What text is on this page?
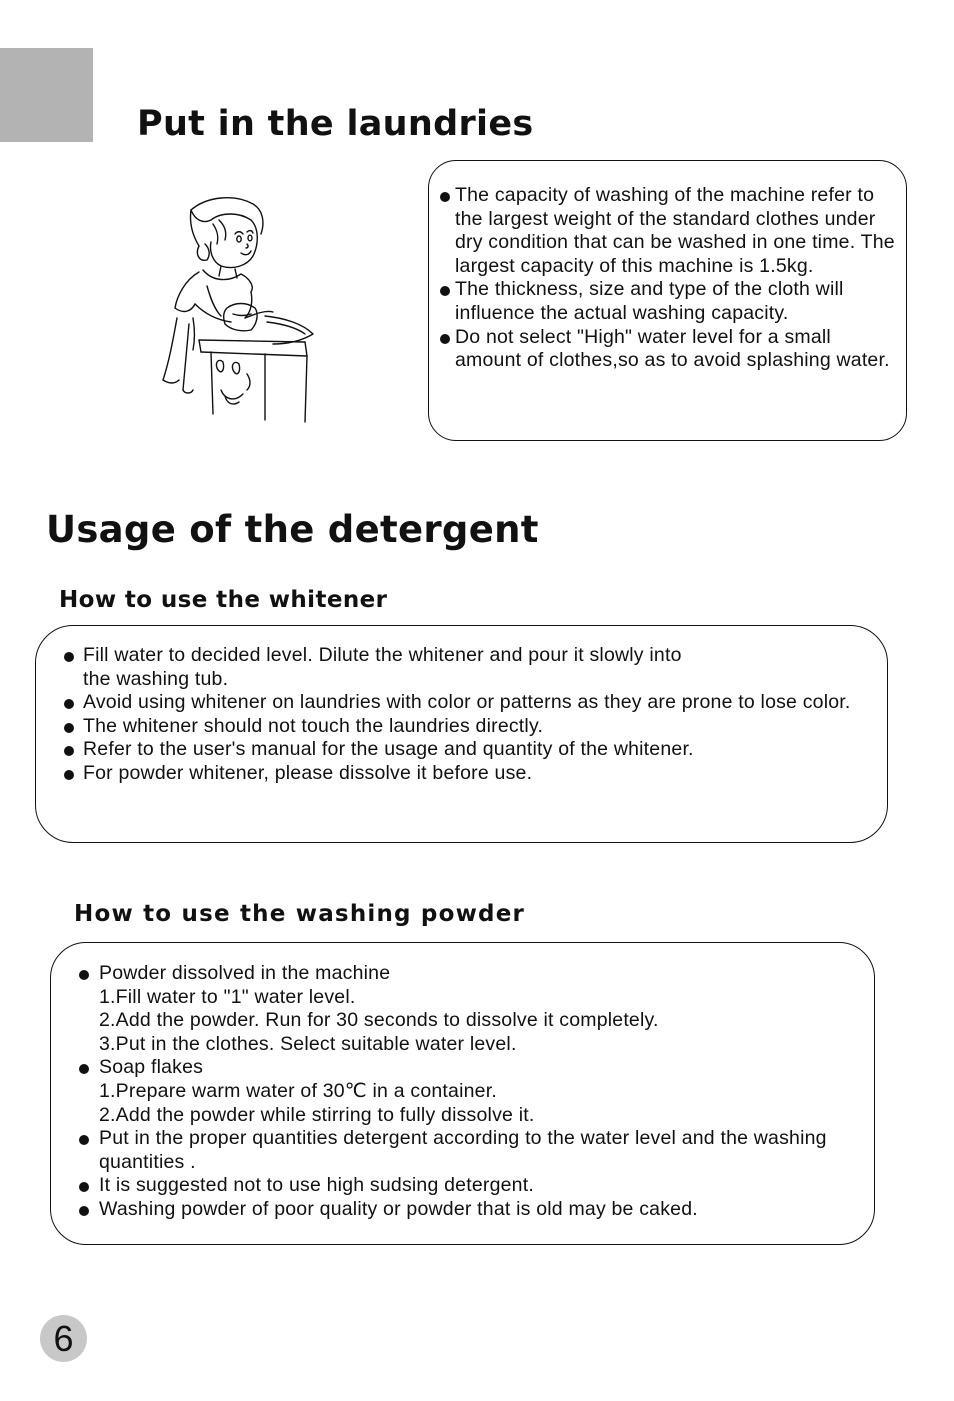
Put in the laundries
The capacity of washing of the machine refer to the largest weight of the standard clothes under dry condition that can be washed in one time. The largest capacity of this machine is 1.5kg.
The thickness, size and type of the cloth will influence the actual washing capacity.
Do not select "High" water level for a small amount of clothes,so as to avoid splashing water.
Usage of the detergent
How to use the whitener
Fill water to decided level. Dilute the whitener and pour it slowly into
the washing tub.
Avoid using whitener on laundries with color or patterns as they are prone to lose color.
The whitener should not touch the laundries directly.
Refer to the user's manual for the usage and quantity of the whitener.
For powder whitener, please dissolve it before use.
How to use the washing powder
Powder dissolved in the machine
1.Fill water to "1" water level.
2.Add the powder. Run for 30 seconds to dissolve it completely.
3.Put in the clothes. Select suitable water level.
Soap flakes
1.Prepare warm water of 30℃ in a container.
2.Add the powder while stirring to fully dissolve it.
Put in the proper quantities detergent according to the water level and the washing quantities .
It is suggested not to use high sudsing detergent.
Washing powder of poor quality or powder that is old may be caked.
6
